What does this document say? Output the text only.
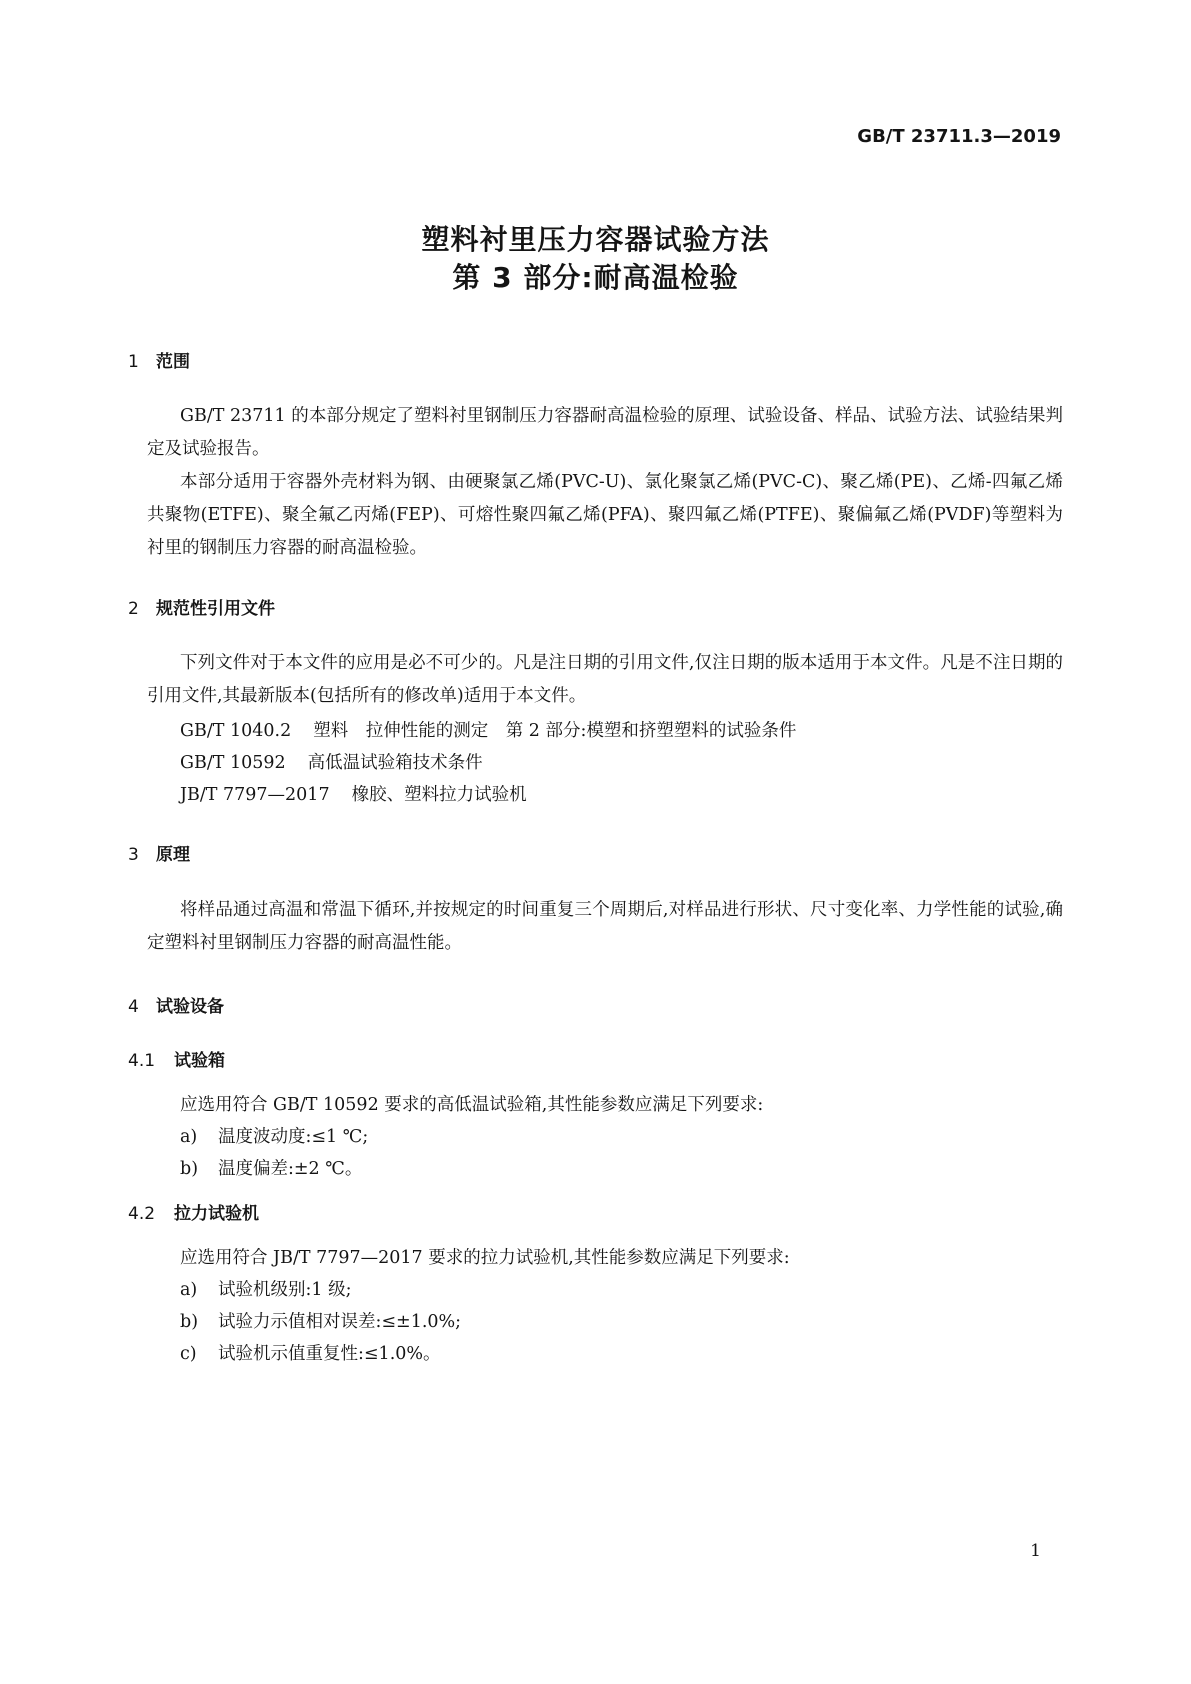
GB/T 23711.3—2019
塑料衬里压力容器试验方法
第 3 部分:耐高温检验
1 范围
GB/T 23711 的本部分规定了塑料衬里钢制压力容器耐高温检验的原理、试验设备、样品、试验方法、试验结果判定及试验报告。
本部分适用于容器外壳材料为钢、由硬聚氯乙烯(PVC-U)、氯化聚氯乙烯(PVC-C)、聚乙烯(PE)、乙烯-四氟乙烯共聚物(ETFE)、聚全氟乙丙烯(FEP)、可熔性聚四氟乙烯(PFA)、聚四氟乙烯(PTFE)、聚偏氟乙烯(PVDF)等塑料为衬里的钢制压力容器的耐高温检验。
2 规范性引用文件
下列文件对于本文件的应用是必不可少的。凡是注日期的引用文件,仅注日期的版本适用于本文件。凡是不注日期的引用文件,其最新版本(包括所有的修改单)适用于本文件。
GB/T 1040.2 塑料　拉伸性能的测定　第 2 部分:模塑和挤塑塑料的试验条件
GB/T 10592 高低温试验箱技术条件
JB/T 7797—2017 橡胶、塑料拉力试验机
3 原理
将样品通过高温和常温下循环,并按规定的时间重复三个周期后,对样品进行形状、尺寸变化率、力学性能的试验,确定塑料衬里钢制压力容器的耐高温性能。
4 试验设备
4.1 试验箱
应选用符合 GB/T 10592 要求的高低温试验箱,其性能参数应满足下列要求:
a) 温度波动度:≤1 ℃;
b) 温度偏差:±2 ℃。
4.2 拉力试验机
应选用符合 JB/T 7797—2017 要求的拉力试验机,其性能参数应满足下列要求:
a) 试验机级别:1 级;
b) 试验力示值相对误差:≤±1.0%;
c) 试验机示值重复性:≤1.0%。
1
